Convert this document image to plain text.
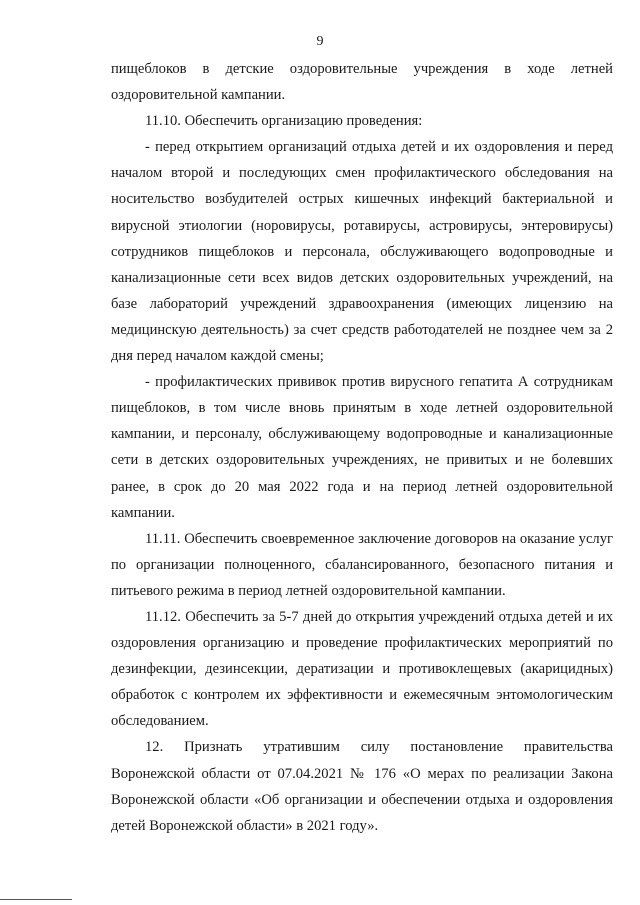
9

пищеблоков в детские оздоровительные учреждения в ходе летней оздоровительной кампании.

11.10. Обеспечить организацию проведения:

- перед открытием организаций отдыха детей и их оздоровления и перед началом второй и последующих смен профилактического обследования на носительство возбудителей острых кишечных инфекций бактериальной и вирусной этиологии (норовирусы, ротавирусы, астровирусы, энтеровирусы) сотрудников пищеблоков и персонала, обслуживающего водопроводные и канализационные сети всех видов детских оздоровительных учреждений, на базе лабораторий учреждений здравоохранения (имеющих лицензию на медицинскую деятельность) за счет средств работодателей не позднее чем за 2 дня перед началом каждой смены;

- профилактических прививок против вирусного гепатита А сотрудникам пищеблоков, в том числе вновь принятым в ходе летней оздоровительной кампании, и персоналу, обслуживающему водопроводные и канализационные сети в детских оздоровительных учреждениях, не привитых и не болевших ранее, в срок до 20 мая 2022 года и на период летней оздоровительной кампании.

11.11. Обеспечить своевременное заключение договоров на оказание услуг по организации полноценного, сбалансированного, безопасного питания и питьевого режима в период летней оздоровительной кампании.

11.12. Обеспечить за 5-7 дней до открытия учреждений отдыха детей и их оздоровления организацию и проведение профилактических мероприятий по дезинфекции, дезинсекции, дератизации и противоклещевых (акарицидных) обработок с контролем их эффективности и ежемесячным энтомологическим обследованием.

12. Признать утратившим силу постановление правительства Воронежской области от 07.04.2021 № 176 «О мерах по реализации Закона Воронежской области «Об организации и обеспечении отдыха и оздоровления детей Воронежской области» в 2021 году».
